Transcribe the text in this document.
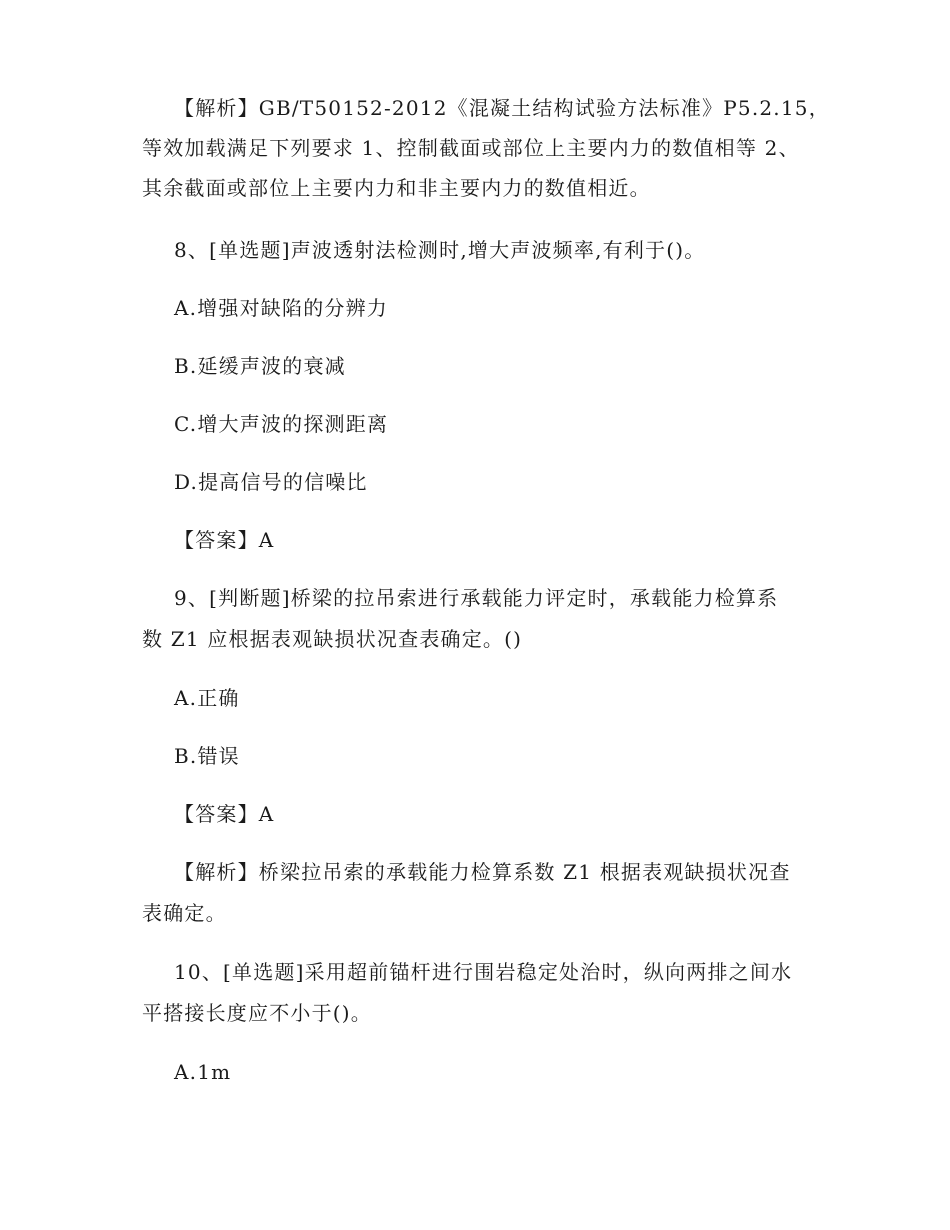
【解析】GB/T50152-2012《混凝土结构试验方法标准》P5.2.15，
等效加载满足下列要求 1、控制截面或部位上主要内力的数值相等 2、
其余截面或部位上主要内力和非主要内力的数值相近。
8、[单选题]声波透射法检测时,增大声波频率,有利于()。
A.增强对缺陷的分辨力
B.延缓声波的衰减
C.增大声波的探测距离
D.提高信号的信噪比
【答案】A
9、[判断题]桥梁的拉吊索进行承载能力评定时，承载能力检算系
数 Z1 应根据表观缺损状况查表确定。()
A.正确
B.错误
【答案】A
【解析】桥梁拉吊索的承载能力检算系数 Z1 根据表观缺损状况查
表确定。
10、[单选题]采用超前锚杆进行围岩稳定处治时，纵向两排之间水
平搭接长度应不小于()。
A.1m
